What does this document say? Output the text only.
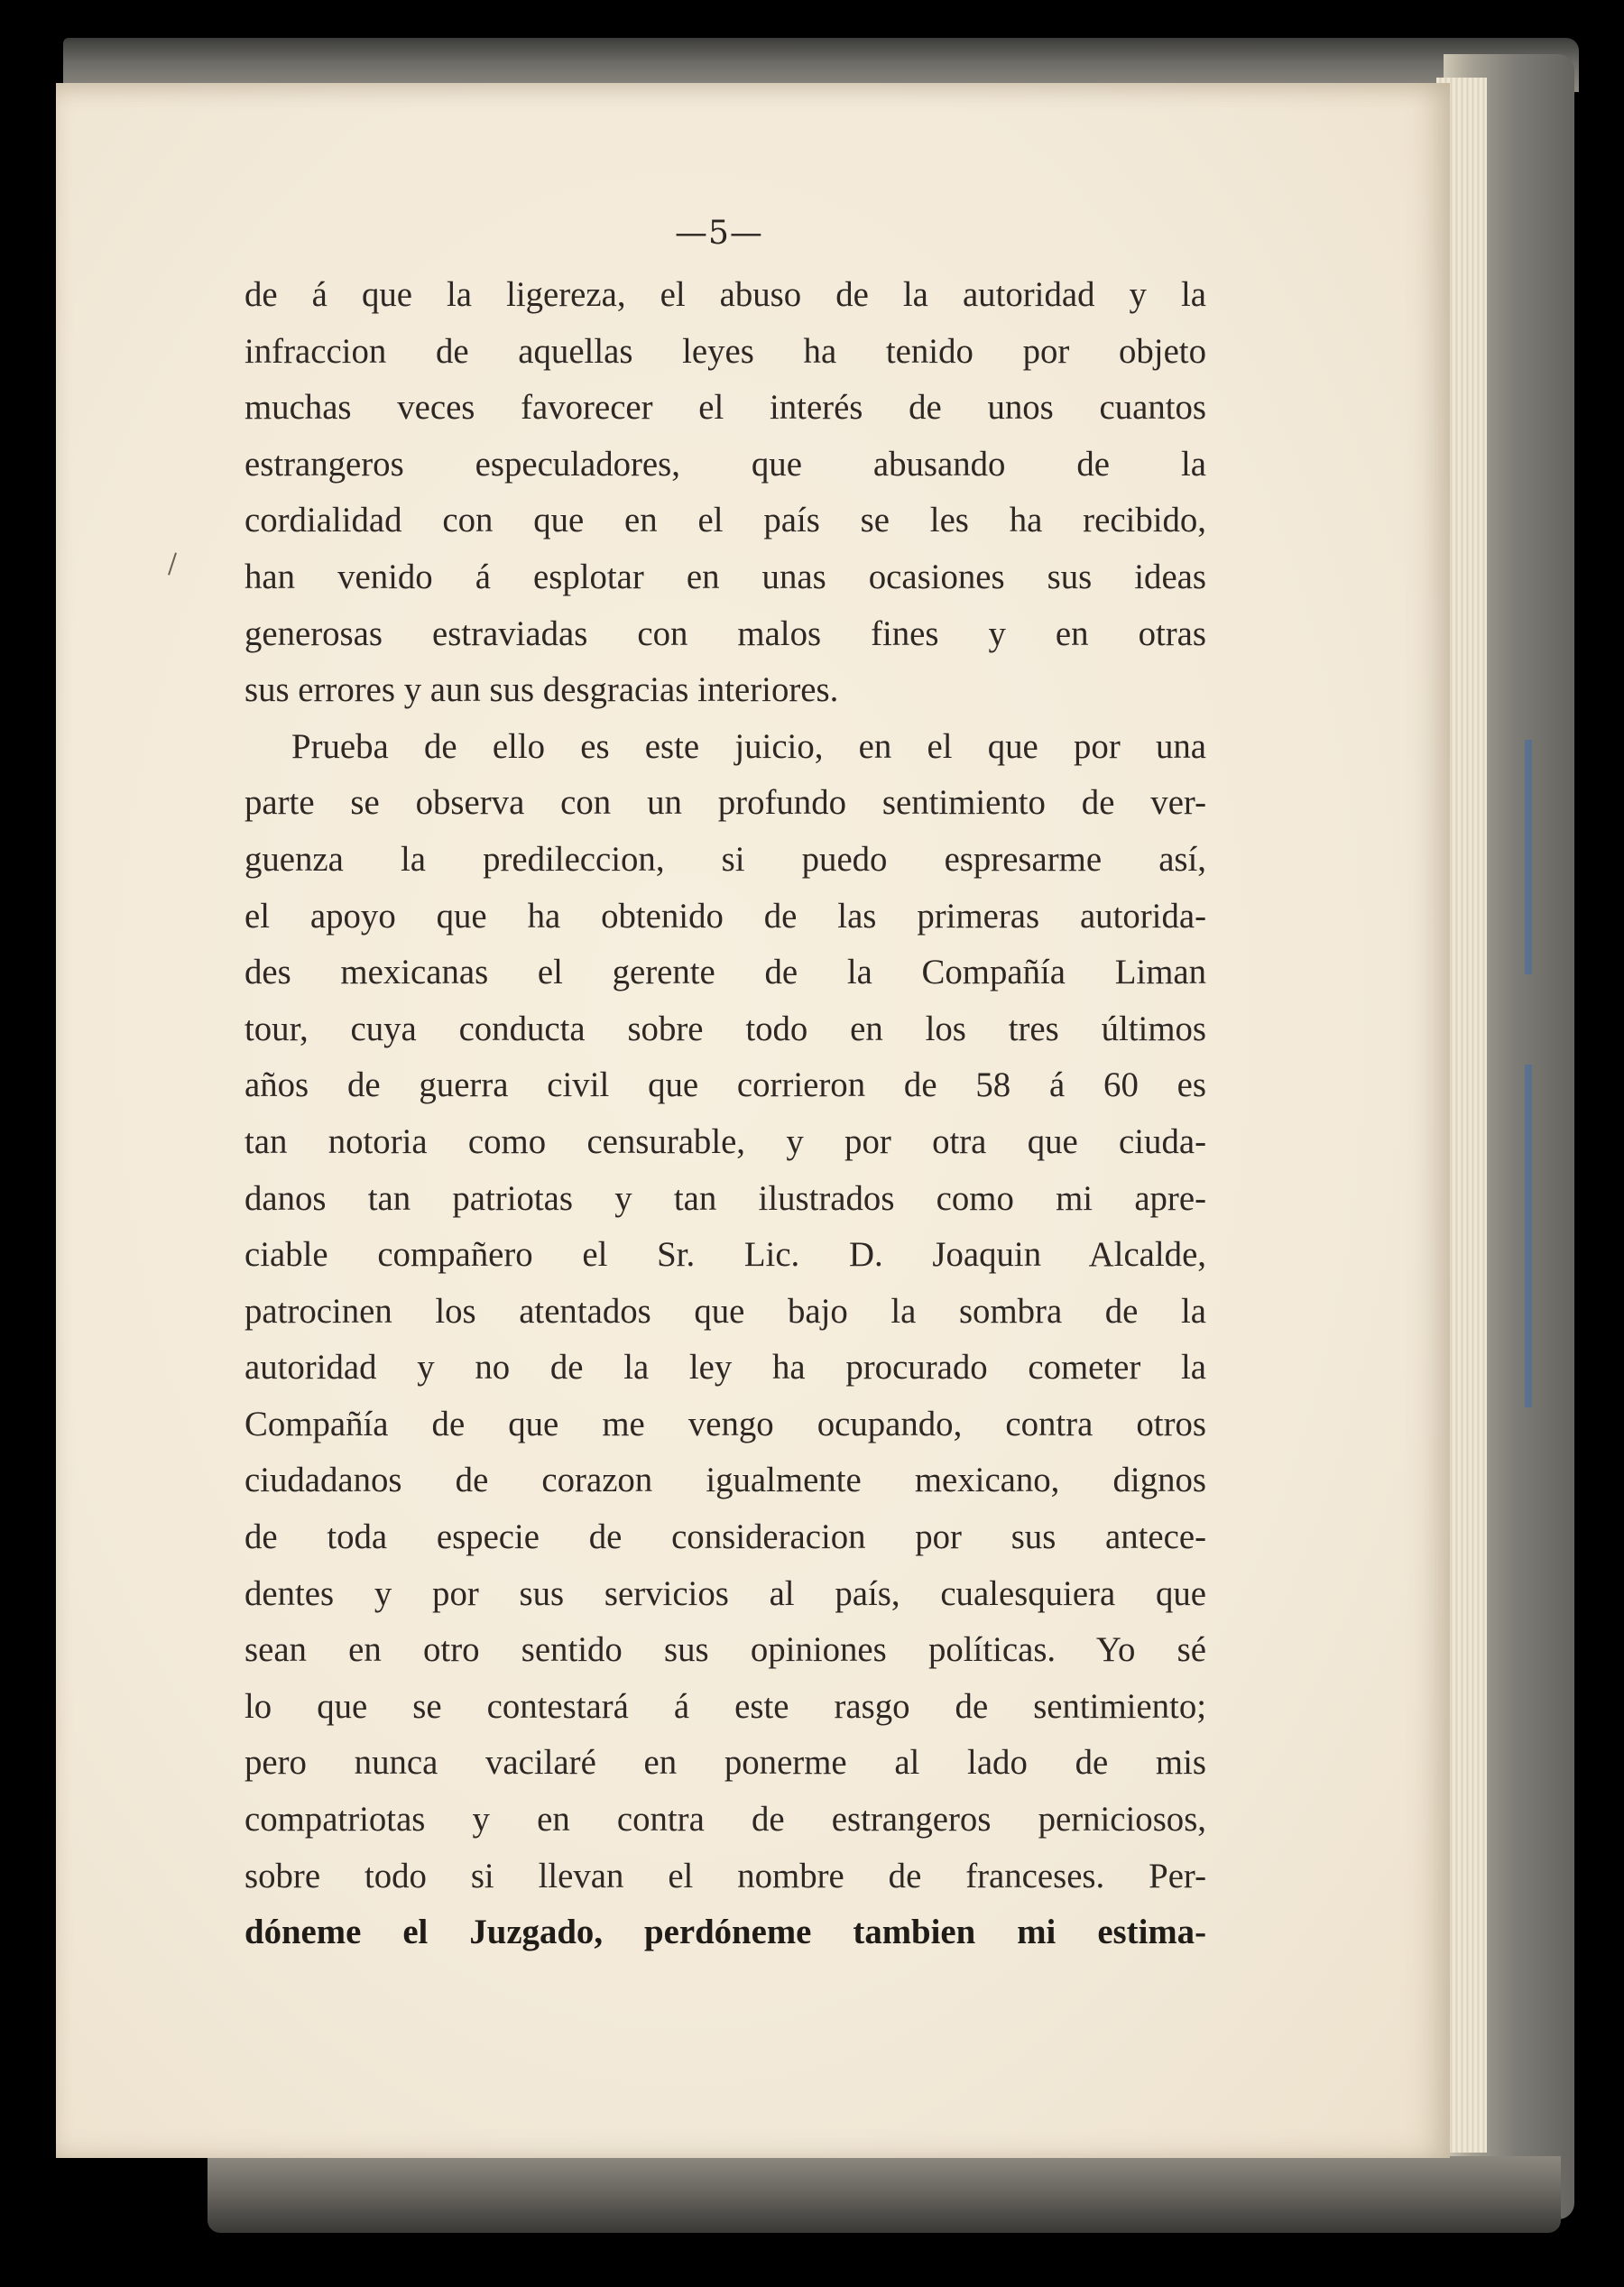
—5—
de á que la ligereza, el abuso de la autoridad y la
infraccion de aquellas leyes ha tenido por objeto
muchas veces favorecer el interés de unos cuantos
estrangeros especuladores, que abusando de la
cordialidad con que en el país se les ha recibido,
han venido á esplotar en unas ocasiones sus ideas
generosas estraviadas con malos fines y en otras
sus errores y aun sus desgracias interiores.
Prueba de ello es este juicio, en el que por una
parte se observa con un profundo sentimiento de ver-
guenza la predileccion, si puedo espresarme así,
el apoyo que ha obtenido de las primeras autorida-
des mexicanas el gerente de la Compañía Liman
tour, cuya conducta sobre todo en los tres últimos
años de guerra civil que corrieron de 58 á 60 es
tan notoria como censurable, y por otra que ciuda-
danos tan patriotas y tan ilustrados como mi apre-
ciable compañero el Sr. Lic. D. Joaquin Alcalde,
patrocinen los atentados que bajo la sombra de la
autoridad y no de la ley ha procurado cometer la
Compañía de que me vengo ocupando, contra otros
ciudadanos de corazon igualmente mexicano, dignos
de toda especie de consideracion por sus antece-
dentes y por sus servicios al país, cualesquiera que
sean en otro sentido sus opiniones políticas. Yo sé
lo que se contestará á este rasgo de sentimiento;
pero nunca vacilaré en ponerme al lado de mis
compatriotas y en contra de estrangeros perniciosos,
sobre todo si llevan el nombre de franceses. Per-
dóneme el Juzgado, perdóneme tambien mi estima-
